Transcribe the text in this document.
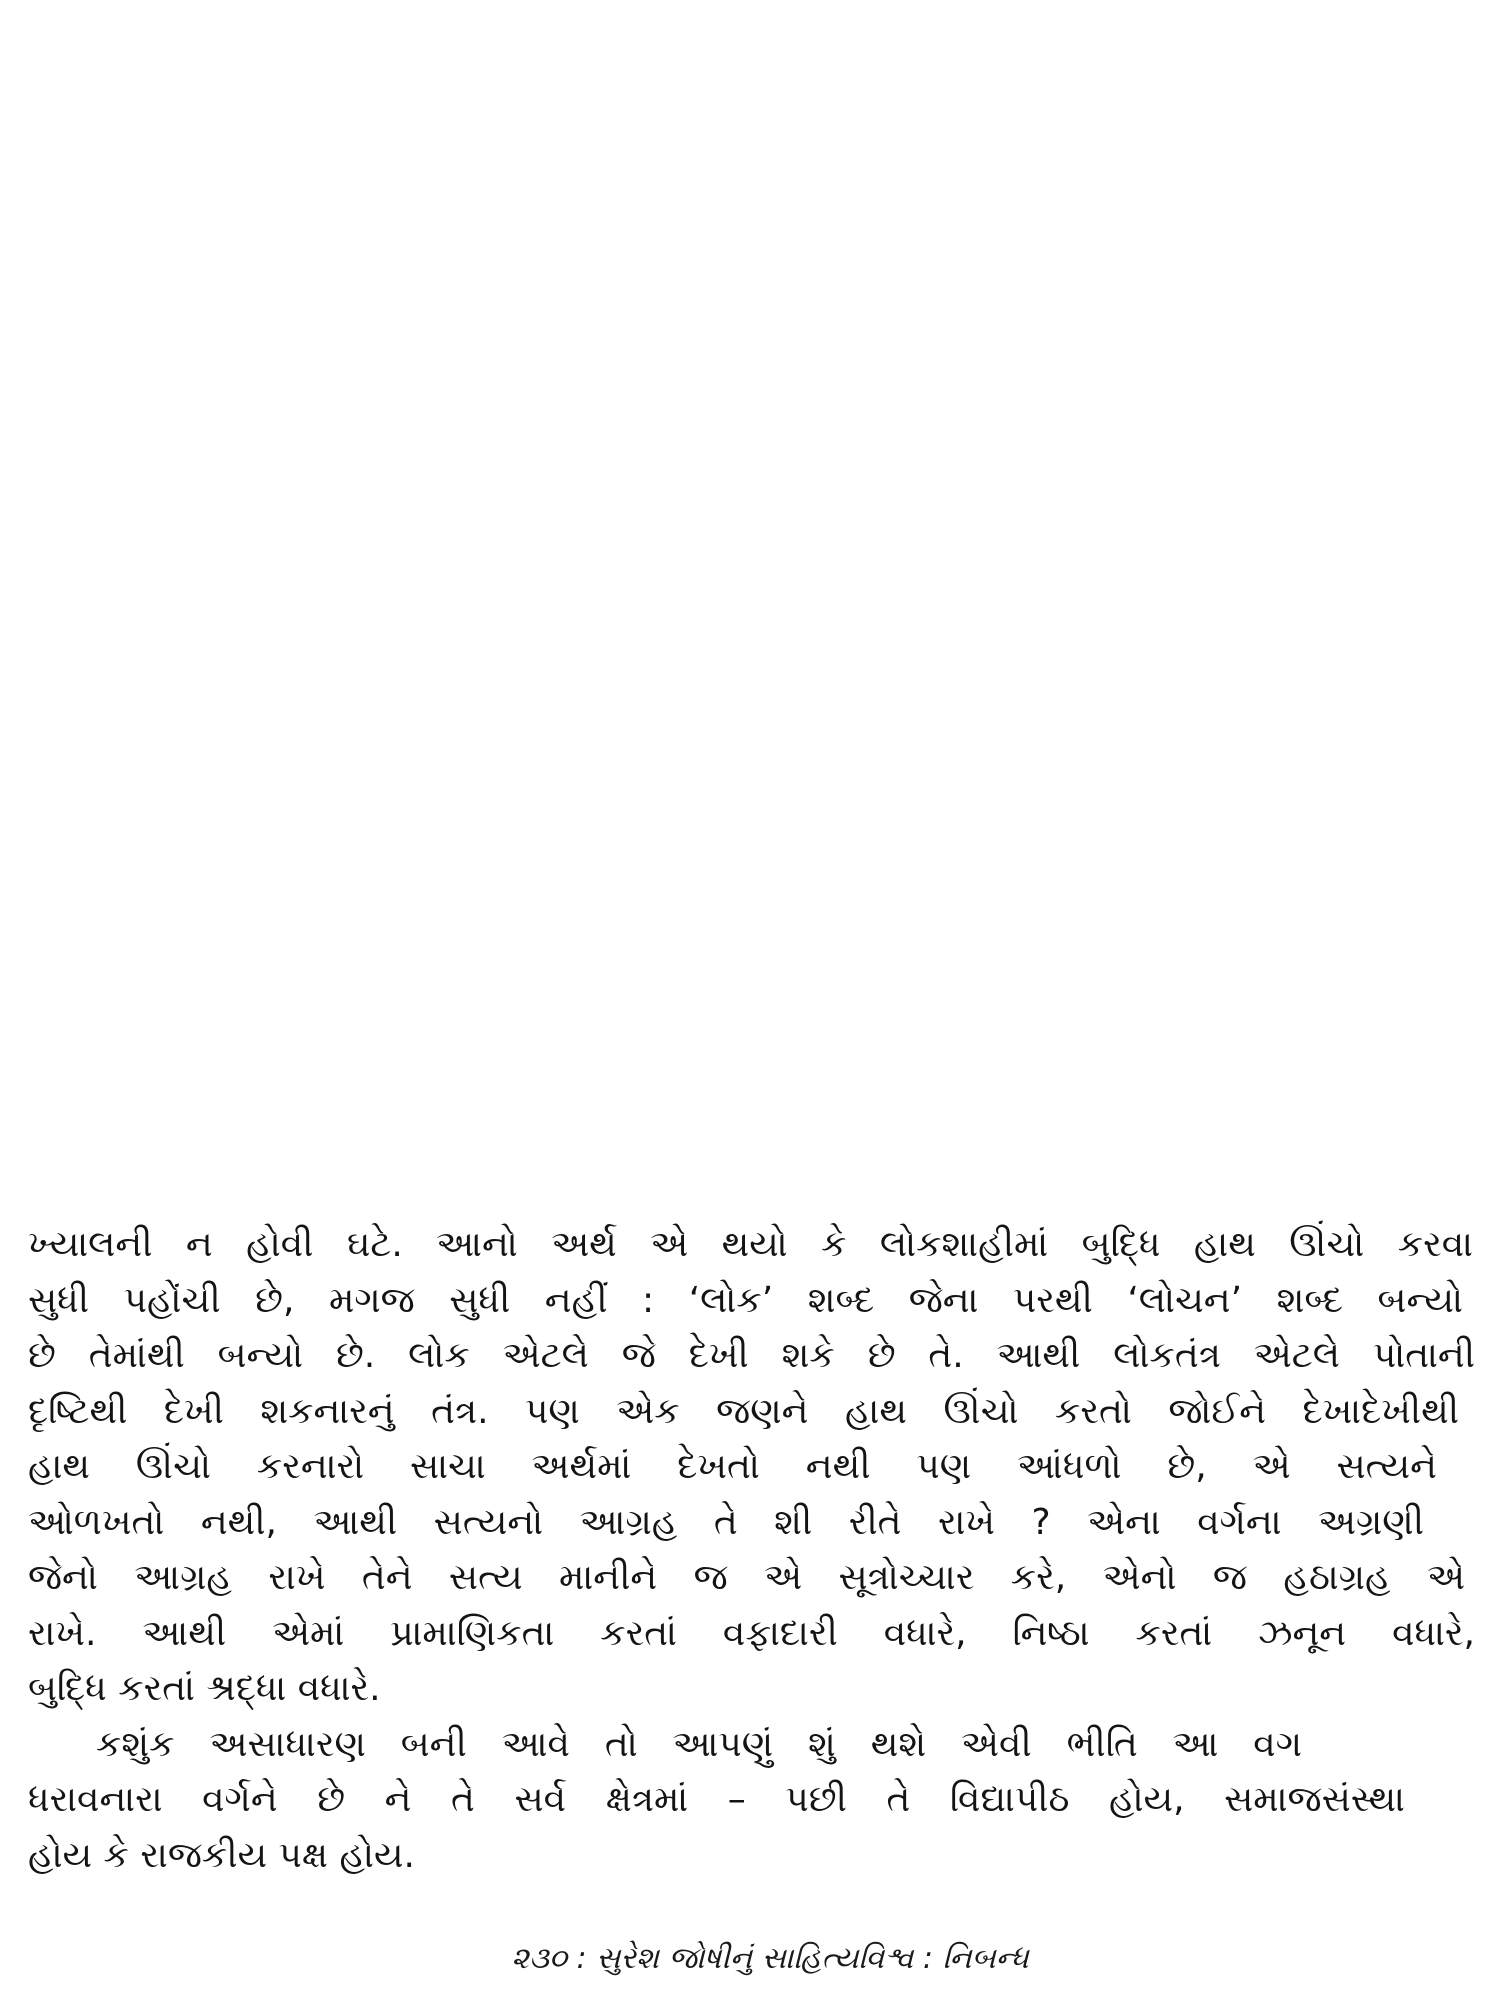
ખ્યાલની ન હોવી ઘટે. આનો અર્થ એ થયો કે લોકશાહીમાં બુદ્ધિ હાથ ઊંચો કરવા
સુધી પહોંચી છે, મગજ સુધી નહીં : ‘લોક’ શબ્દ જેના પરથી ‘લોચન’ શબ્દ બન્યો
છે તેમાંથી બન્યો છે. લોક એટલે જે દેખી શકે છે તે. આથી લોકતંત્ર એટલે પોતાની
દૃષ્ટિથી દેખી શકનારનું તંત્ર. પણ એક જણને હાથ ઊંચો કરતો જોઈને દેખાદેખીથી
હાથ ઊંચો કરનારો સાચા અર્થમાં દેખતો નથી પણ આંધળો છે, એ સત્યને
ઓળખતો નથી, આથી સત્યનો આગ્રહ તે શી રીતે રાખે ? એના વર્ગના અગ્રણી
જેનો આગ્રહ રાખે તેને સત્ય માનીને જ એ સૂત્રોચ્ચાર કરે, એનો જ હઠાગ્રહ એ
રાખે. આથી એમાં પ્રામાણિકતા કરતાં વફાદારી વધારે, નિષ્ઠા કરતાં ઝનૂન વધારે,
બુદ્ધિ કરતાં શ્રદ્ધા વધારે.
કશુંક અસાધારણ બની આવે તો આપણું શું થશે એવી ભીતિ આ વગ
ધરાવનારા વર્ગને છે ને તે સર્વ ક્ષેત્રમાં – પછી તે વિદ્યાપીઠ હોય, સમાજસંસ્થા
હોય કે રાજકીય પક્ષ હોય.
૨૩૦ : સુરેશ જોષીનું સાહિત્યવિશ્વ : નિબન્ધ
